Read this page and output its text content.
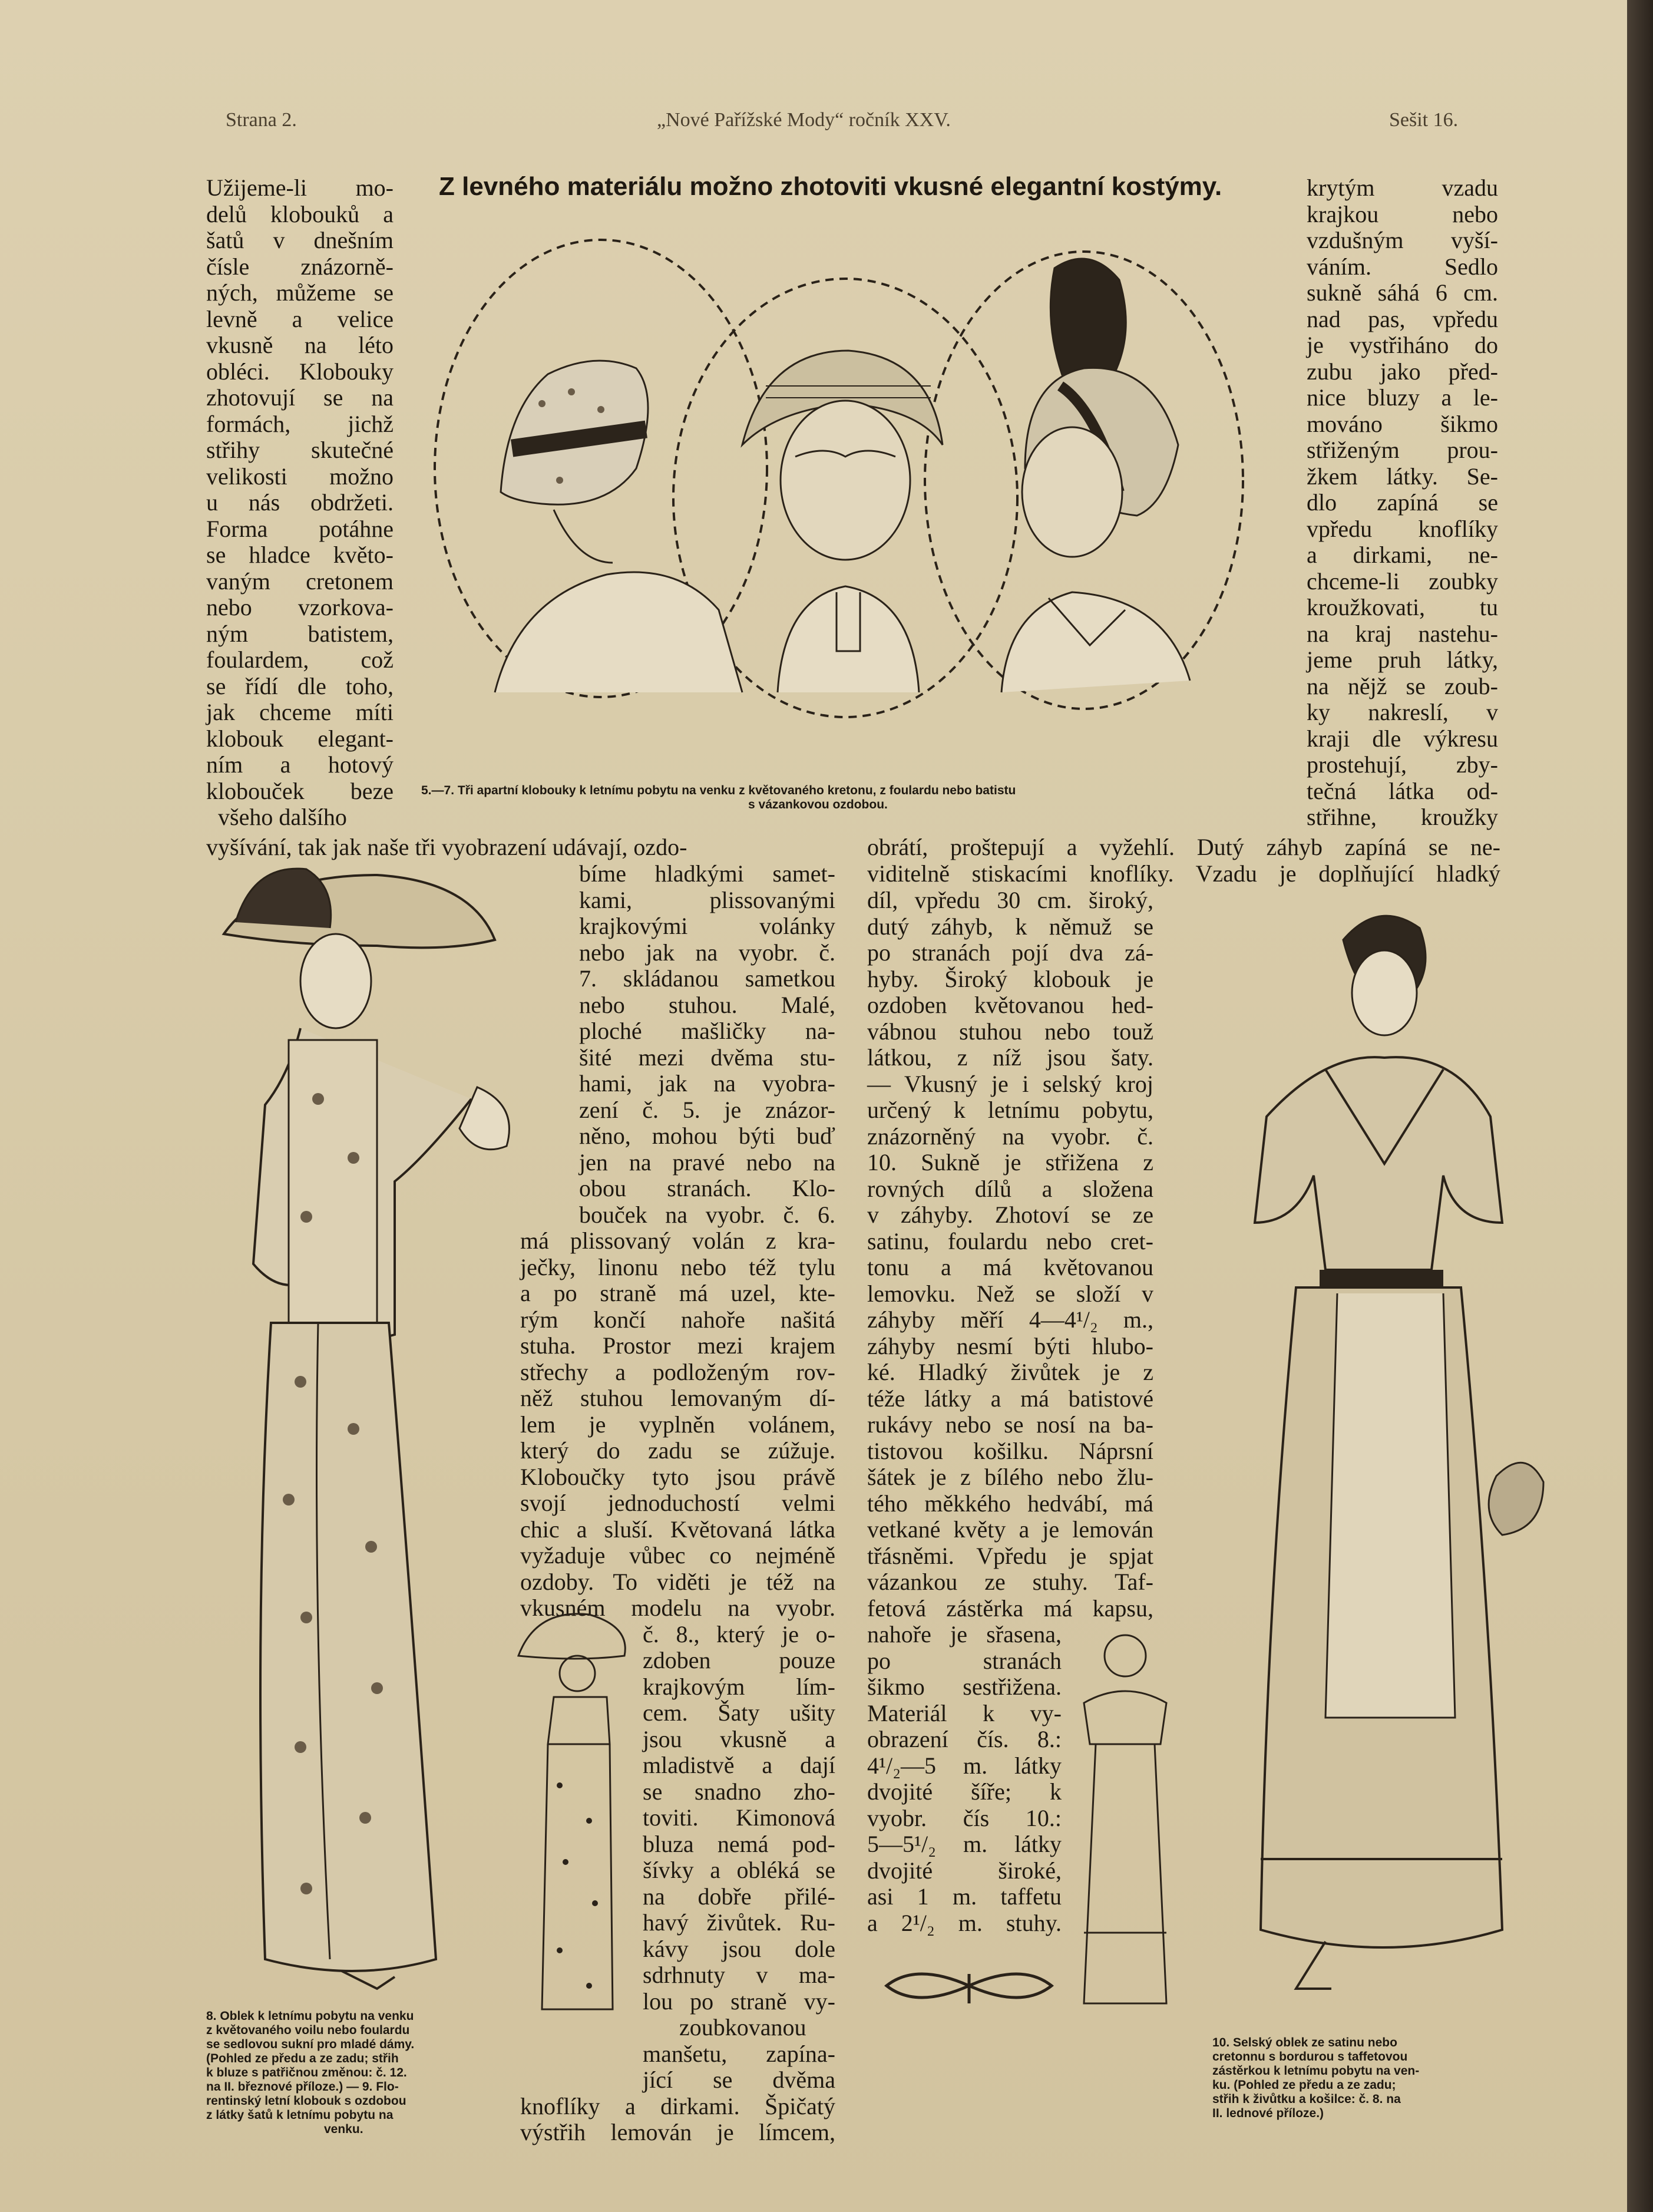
Strana 2.	„Nové Pařížské Mody“ ročník XXV.	Sešit 16.
Z levného materiálu možno zhotoviti vkusné elegantní kostýmy.

Užijeme-li mo-

delů klobouků a

šatů v dnešním

čísle znázorně-

ných, můžeme se

levně a velice

vkusně na léto

obléci. Klobouky

zhotovují se na

formách, jichž

střihy skutečné

velikosti možno

u nás obdržeti.

Forma potáhne

se hladce květo-

vaným cretonem

nebo vzorkova-

ným batistem,

foulardem, což

se řídí dle toho,

jak chceme míti

klobouk elegant-

ním a hotový

klobouček beze

všeho dalšího

vyšívání, tak jak naše tři vyobrazení udávají, ozdo-
5.—7. Tři apartní klobouky k letnímu pobytu na venku z květovaného kretonu, z foulardu nebo batistu
s vázankovou ozdobou.

krytým vzadu

krajkou nebo

vzdušným vyší-

váním. Sedlo

sukně sáhá 6 cm.

nad pas, vpředu

je vystřiháno do

zubu jako před-

nice bluzy a le-

mováno šikmo

střiženým prou-

žkem látky. Se-

dlo zapíná se

vpředu knoflíky

a dirkami, ne-

chceme-li zoubky

kroužkovati, tu

na kraj nastehu-

jeme pruh látky,

na nějž se zoub-

ky nakreslí, v

kraji dle výkresu

prostehují, zby-

tečná látka od-

střihne, kroužky

obrátí, proštepují a vyžehlí. Dutý záhyb zapíná se ne-
viditelně stiskacími knoflíky. Vzadu je doplňující hladký

bíme hladkými samet-

kami, plissovanými

krajkovými volánky

nebo jak na vyobr. č.

7. skládanou sametkou

nebo stuhou. Malé,

ploché mašličky na-

šité mezi dvěma stu-

hami, jak na vyobra-

zení č. 5. je znázor-

něno, mohou býti buď

jen na pravé nebo na

obou stranách. Klo-

bouček na vyobr. č. 6.

má plissovaný volán z kra-

ječky, linonu nebo též tylu

a po straně má uzel, kte-

rým končí nahoře našitá

stuha. Prostor mezi krajem

střechy a podloženým rov-

něž stuhou lemovaným dí-

lem je vyplněn volánem,

který do zadu se zúžuje.

Kloboučky tyto jsou právě

svojí jednoduchostí velmi

chic a sluší. Květovaná látka

vyžaduje vůbec co nejméně

ozdoby. To viděti je též na

vkusném modelu na vyobr.

č. 8., který je o-

zdoben pouze

krajkovým lím-

cem. Šaty ušity

jsou vkusně a

mladistvě a dají

se snadno zho-

toviti. Kimonová

bluza nemá pod-

šívky a obléká se

na dobře přilé-

havý živůtek. Ru-

kávy jsou dole

sdrhnuty v ma-

lou po straně vy-

zoubkovanou

manšetu, zapína-

jící se dvěma

knoflíky a dirkami. Špičatý

výstřih lemován je límcem,

díl, vpředu 30 cm. široký,

dutý záhyb, k němuž se

po stranách pojí dva zá-

hyby. Široký klobouk je

ozdoben květovanou hed-

vábnou stuhou nebo touž

látkou, z níž jsou šaty.

— Vkusný je i selský kroj

určený k letnímu pobytu,

znázorněný na vyobr. č.

10. Sukně je střižena z

rovných dílů a složena

v záhyby. Zhotoví se ze

satinu, foulardu nebo cret-

tonu a má květovanou

lemovku. Než se složí v

záhyby měří 4—4¹/₂ m.,

záhyby nesmí býti hlubo-

ké. Hladký živůtek je z

téže látky a má batistové

rukávy nebo se nosí na ba-

tistovou košilku. Náprsní

šátek je z bílého nebo žlu-

tého měkkého hedvábí, má

vetkané květy a je lemován

třásněmi. Vpředu je spjat

vázankou ze stuhy. Taf-

fetová zástěrka má kapsu,

nahoře je sřasena,

po stranách

šikmo sestřižena.

Materiál k vy-

obrazení čís. 8.:

4¹/₂—5 m. látky

dvojité šíře; k

vyobr. čís 10.:

5—5¹/₂ m. látky

dvojité široké,

asi 1 m. taffetu

a 2¹/₂ m. stuhy.

8. Oblek k letnímu pobytu na venku
z květovaného voilu nebo foulardu
se sedlovou sukní pro mladé dámy.
(Pohled ze předu a ze zadu; střih
k bluze s patřičnou změnou: č. 12.
na II. březnové příloze.) — 9. Flo-
rentinský letní klobouk s ozdobou
z látky šatů k letnímu pobytu na
venku.
10. Selský oblek ze satinu nebo
cretonnu s bordurou s taffetovou
zástěrkou k letnímu pobytu na ven-
ku. (Pohled ze předu a ze zadu;
střih k živůtku a košilce: č. 8. na
II. lednové příloze.)
